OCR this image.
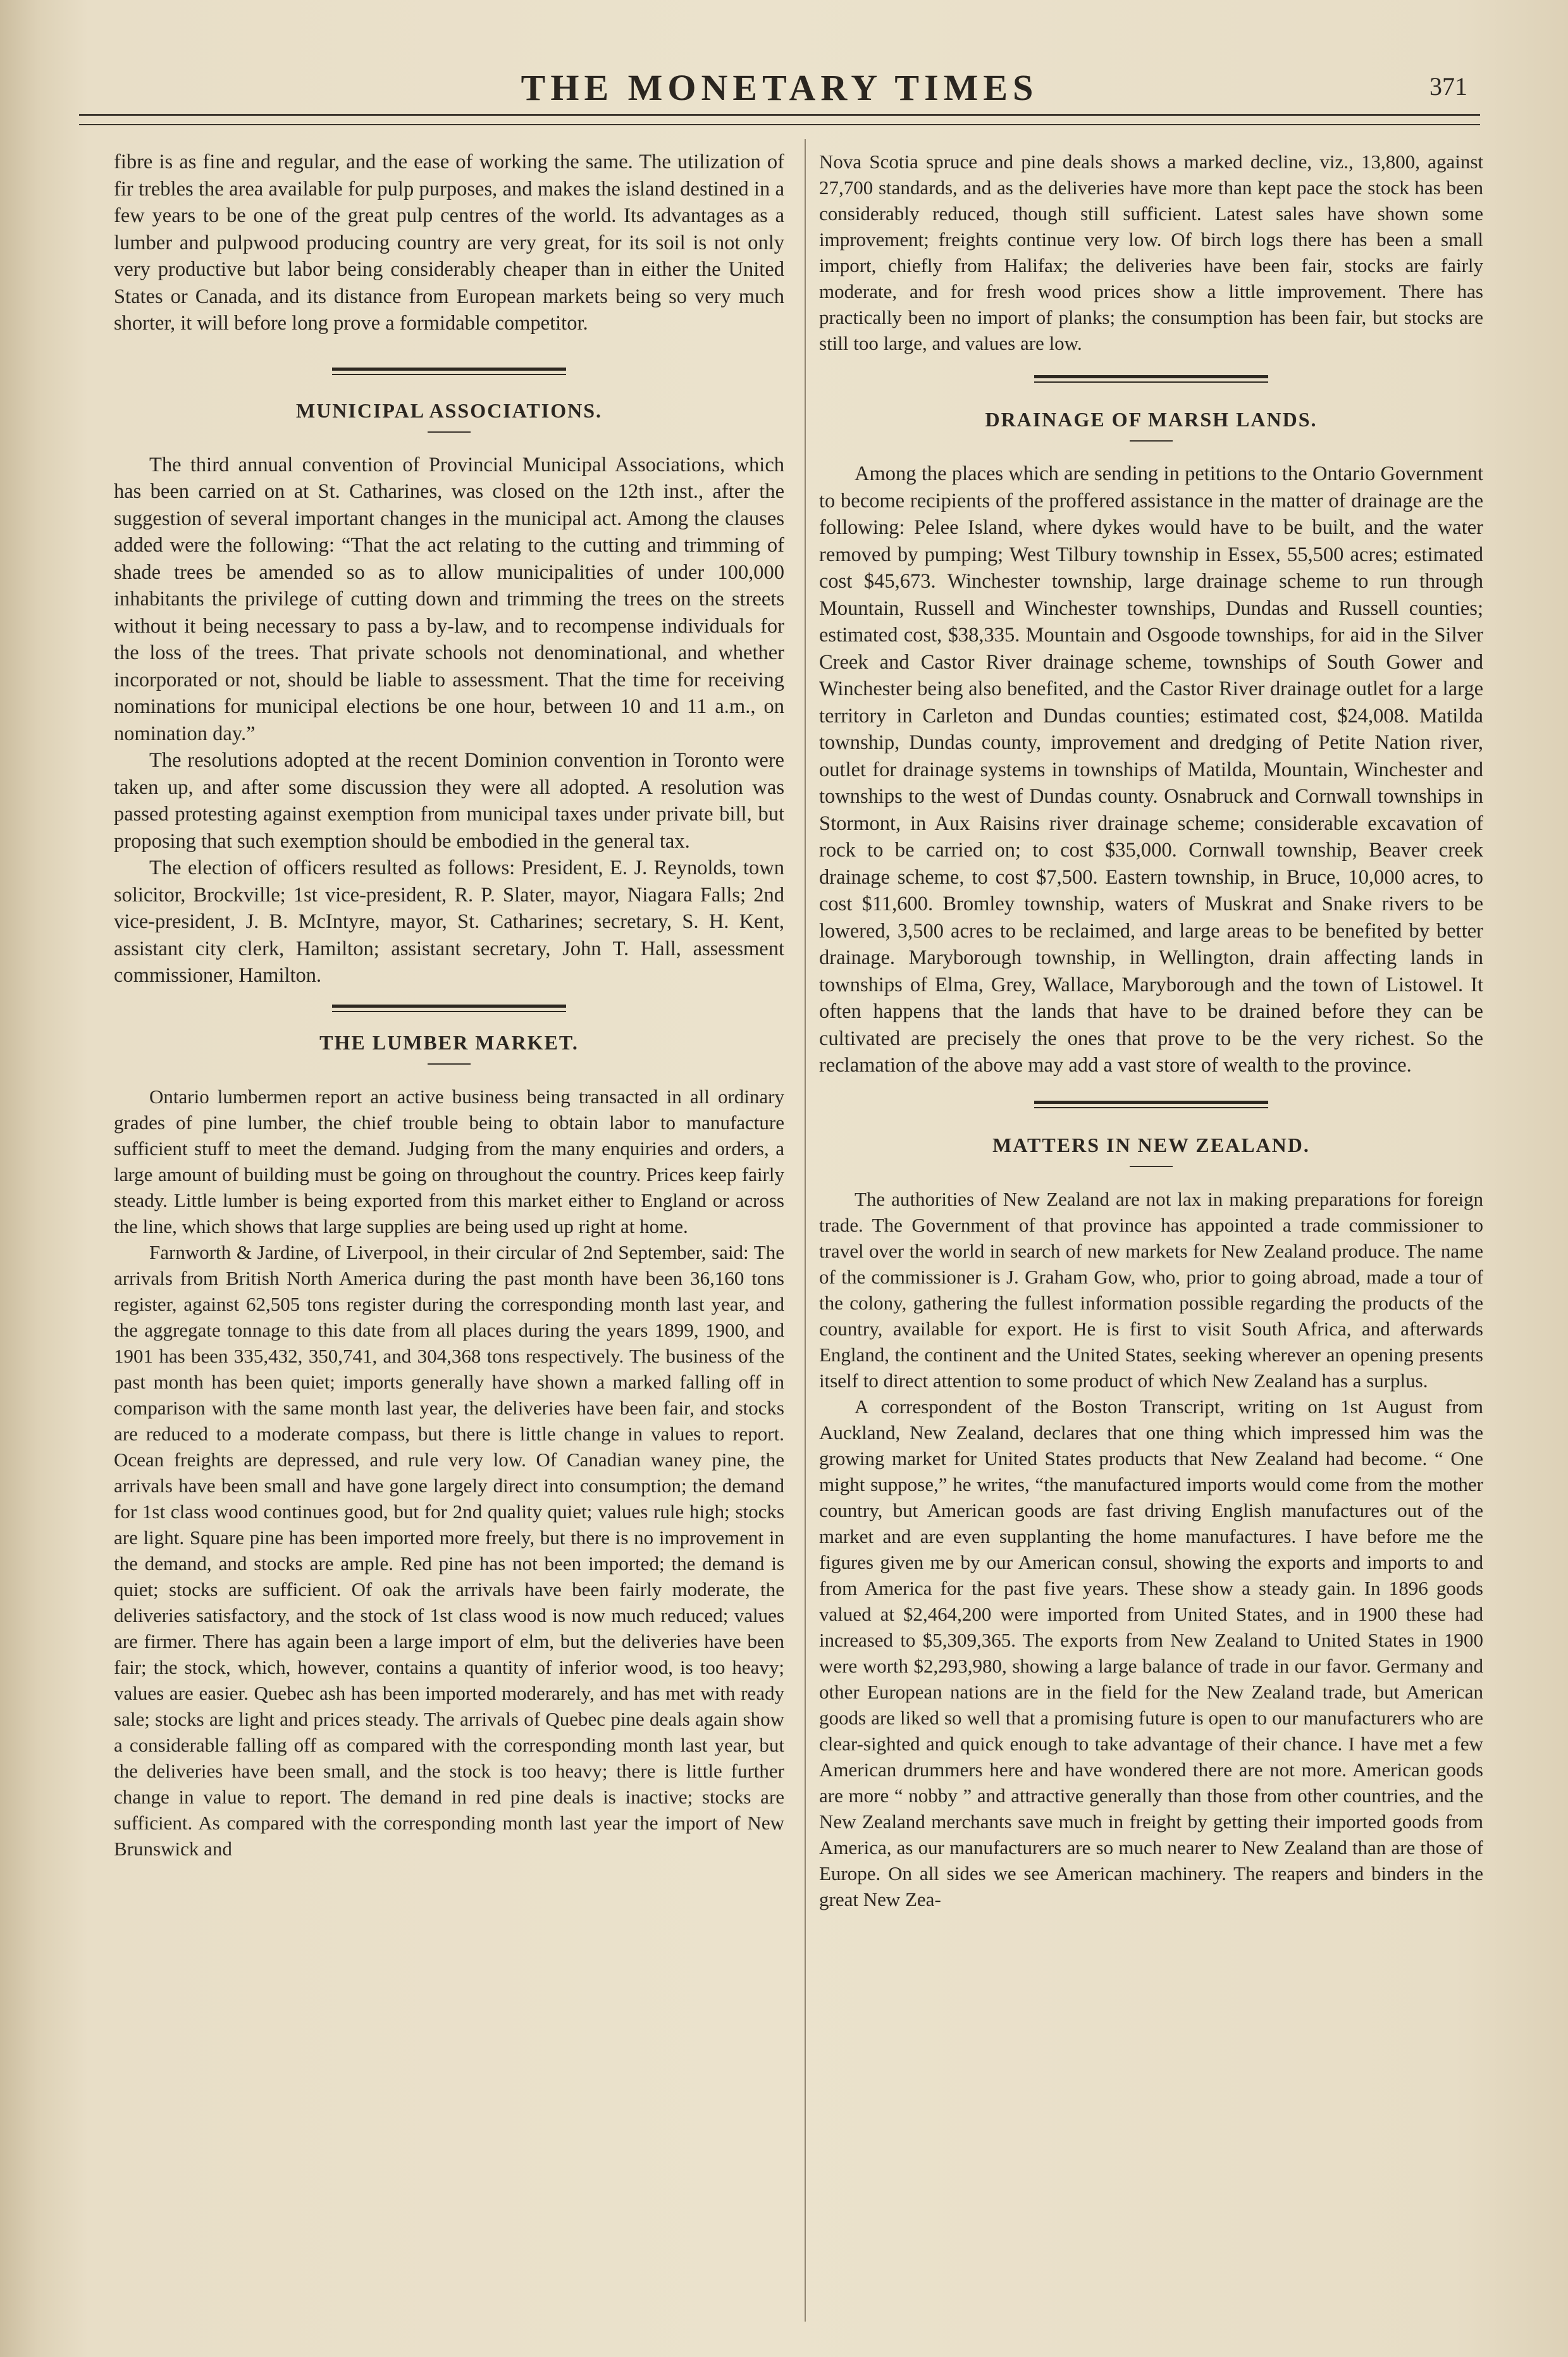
THE MONETARY TIMES	371

fibre is as fine and regular, and the ease of working the same. The utilization of fir trebles the area available for pulp purposes, and makes the island destined in a few years to be one of the great pulp centres of the world. Its advantages as a lumber and pulpwood producing country are very great, for its soil is not only very productive but labor being considerably cheaper than in either the United States or Canada, and its distance from European markets being so very much shorter, it will before long prove a formidable competitor.

MUNICIPAL ASSOCIATIONS.

The third annual convention of Provincial Municipal Associations, which has been carried on at St. Catharines, was closed on the 12th inst., after the suggestion of several important changes in the municipal act. Among the clauses added were the following: “That the act relating to the cutting and trimming of shade trees be amended so as to allow municipalities of under 100,000 inhabitants the privilege of cutting down and trimming the trees on the streets without it being necessary to pass a by-law, and to recompense individuals for the loss of the trees. That private schools not denominational, and whether incorporated or not, should be liable to assessment. That the time for receiving nominations for municipal elections be one hour, between 10 and 11 a.m., on nomination day.”

The resolutions adopted at the recent Dominion convention in Toronto were taken up, and after some discussion they were all adopted. A resolution was passed protesting against exemption from municipal taxes under private bill, but proposing that such exemption should be embodied in the general tax.

The election of officers resulted as follows: President, E. J. Reynolds, town solicitor, Brockville; 1st vice-president, R. P. Slater, mayor, Niagara Falls; 2nd vice-president, J. B. McIntyre, mayor, St. Catharines; secretary, S. H. Kent, assistant city clerk, Hamilton; assistant secretary, John T. Hall, assessment commissioner, Hamilton.

THE LUMBER MARKET.

Ontario lumbermen report an active business being transacted in all ordinary grades of pine lumber, the chief trouble being to obtain labor to manufacture sufficient stuff to meet the demand. Judging from the many enquiries and orders, a large amount of building must be going on throughout the country. Prices keep fairly steady. Little lumber is being exported from this market either to England or across the line, which shows that large supplies are being used up right at home.

Farnworth & Jardine, of Liverpool, in their circular of 2nd September, said: The arrivals from British North America during the past month have been 36,160 tons register, against 62,505 tons register during the corresponding month last year, and the aggregate tonnage to this date from all places during the years 1899, 1900, and 1901 has been 335,432, 350,741, and 304,368 tons respectively. The business of the past month has been quiet; imports generally have shown a marked falling off in comparison with the same month last year, the deliveries have been fair, and stocks are reduced to a moderate compass, but there is little change in values to report. Ocean freights are depressed, and rule very low. Of Canadian waney pine, the arrivals have been small and have gone largely direct into consumption; the demand for 1st class wood continues good, but for 2nd quality quiet; values rule high; stocks are light. Square pine has been imported more freely, but there is no improvement in the demand, and stocks are ample. Red pine has not been imported; the demand is quiet; stocks are sufficient. Of oak the arrivals have been fairly moderate, the deliveries satisfactory, and the stock of 1st class wood is now much reduced; values are firmer. There has again been a large import of elm, but the deliveries have been fair; the stock, which, however, contains a quantity of inferior wood, is too heavy; values are easier. Quebec ash has been imported moderarely, and has met with ready sale; stocks are light and prices steady. The arrivals of Quebec pine deals again show a considerable falling off as compared with the corresponding month last year, but the deliveries have been small, and the stock is too heavy; there is little further change in value to report. The demand in red pine deals is inactive; stocks are sufficient. As compared with the corresponding month last year the import of New Brunswick and

Nova Scotia spruce and pine deals shows a marked decline, viz., 13,800, against 27,700 standards, and as the deliveries have more than kept pace the stock has been considerably reduced, though still sufficient. Latest sales have shown some improvement; freights continue very low. Of birch logs there has been a small import, chiefly from Halifax; the deliveries have been fair, stocks are fairly moderate, and for fresh wood prices show a little improvement. There has practically been no import of planks; the consumption has been fair, but stocks are still too large, and values are low.

DRAINAGE OF MARSH LANDS.

Among the places which are sending in petitions to the Ontario Government to become recipients of the proffered assistance in the matter of drainage are the following: Pelee Island, where dykes would have to be built, and the water removed by pumping; West Tilbury township in Essex, 55,500 acres; estimated cost $45,673. Winchester township, large drainage scheme to run through Mountain, Russell and Winchester townships, Dundas and Russell counties; estimated cost, $38,335. Mountain and Osgoode townships, for aid in the Silver Creek and Castor River drainage scheme, townships of South Gower and Winchester being also benefited, and the Castor River drainage outlet for a large territory in Carleton and Dundas counties; estimated cost, $24,008. Matilda township, Dundas county, improvement and dredging of Petite Nation river, outlet for drainage systems in townships of Matilda, Mountain, Winchester and townships to the west of Dundas county. Osnabruck and Cornwall townships in Stormont, in Aux Raisins river drainage scheme; considerable excavation of rock to be carried on; to cost $35,000. Cornwall township, Beaver creek drainage scheme, to cost $7,500. Eastern township, in Bruce, 10,000 acres, to cost $11,600. Bromley township, waters of Muskrat and Snake rivers to be lowered, 3,500 acres to be reclaimed, and large areas to be benefited by better drainage. Maryborough township, in Wellington, drain affecting lands in townships of Elma, Grey, Wallace, Maryborough and the town of Listowel. It often happens that the lands that have to be drained before they can be cultivated are precisely the ones that prove to be the very richest. So the reclamation of the above may add a vast store of wealth to the province.

MATTERS IN NEW ZEALAND.

The authorities of New Zealand are not lax in making preparations for foreign trade. The Government of that province has appointed a trade commissioner to travel over the world in search of new markets for New Zealand produce. The name of the commissioner is J. Graham Gow, who, prior to going abroad, made a tour of the colony, gathering the fullest information possible regarding the products of the country, available for export. He is first to visit South Africa, and afterwards England, the continent and the United States, seeking wherever an opening presents itself to direct attention to some product of which New Zealand has a surplus.

A correspondent of the Boston Transcript, writing on 1st August from Auckland, New Zealand, declares that one thing which impressed him was the growing market for United States products that New Zealand had become. “ One might suppose,” he writes, “the manufactured imports would come from the mother country, but American goods are fast driving English manufactures out of the market and are even supplanting the home manufactures. I have before me the figures given me by our American consul, showing the exports and imports to and from America for the past five years. These show a steady gain. In 1896 goods valued at $2,464,200 were imported from United States, and in 1900 these had increased to $5,309,365. The exports from New Zealand to United States in 1900 were worth $2,293,980, showing a large balance of trade in our favor. Germany and other European nations are in the field for the New Zealand trade, but American goods are liked so well that a promising future is open to our manufacturers who are clear-sighted and quick enough to take advantage of their chance. I have met a few American drummers here and have wondered there are not more. American goods are more “ nobby ” and attractive generally than those from other countries, and the New Zealand merchants save much in freight by getting their imported goods from America, as our manufacturers are so much nearer to New Zealand than are those of Europe. On all sides we see American machinery. The reapers and binders in the great New Zea-
